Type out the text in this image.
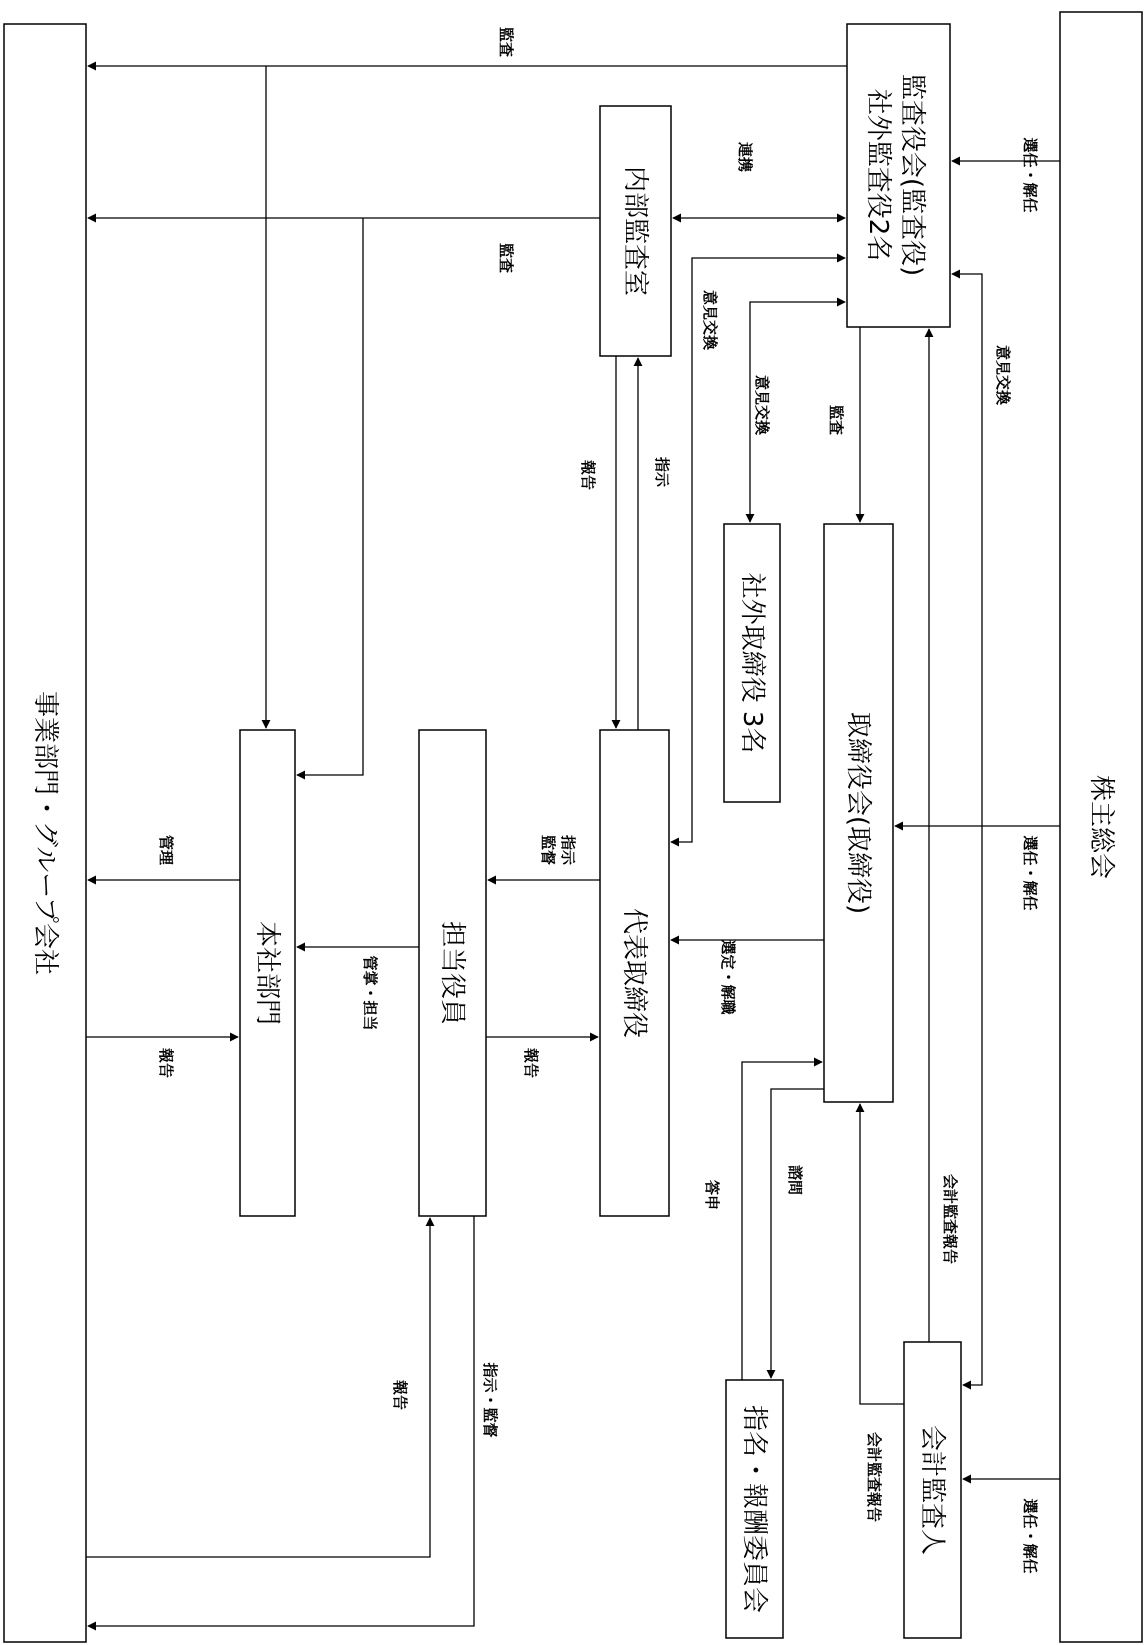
株主総会
事業部門・グループ会社
監査役会(監査役)
社外監査役2名
内部監査室
取締役会(取締役)
社外取締役 3名
代表取締役
担当役員
本社部門
会計監査人
指名・報酬委員会
監査
監査
連携	選任・解任
選任・解任
選任・解任
意見交換
意見交換	意見交換
監査
指示
報告
指示
監督
管理
管掌・担当
報告	報告
選定・解職
諮問
答申	会計監査報告
会計監査報告
報告	指示・監督
